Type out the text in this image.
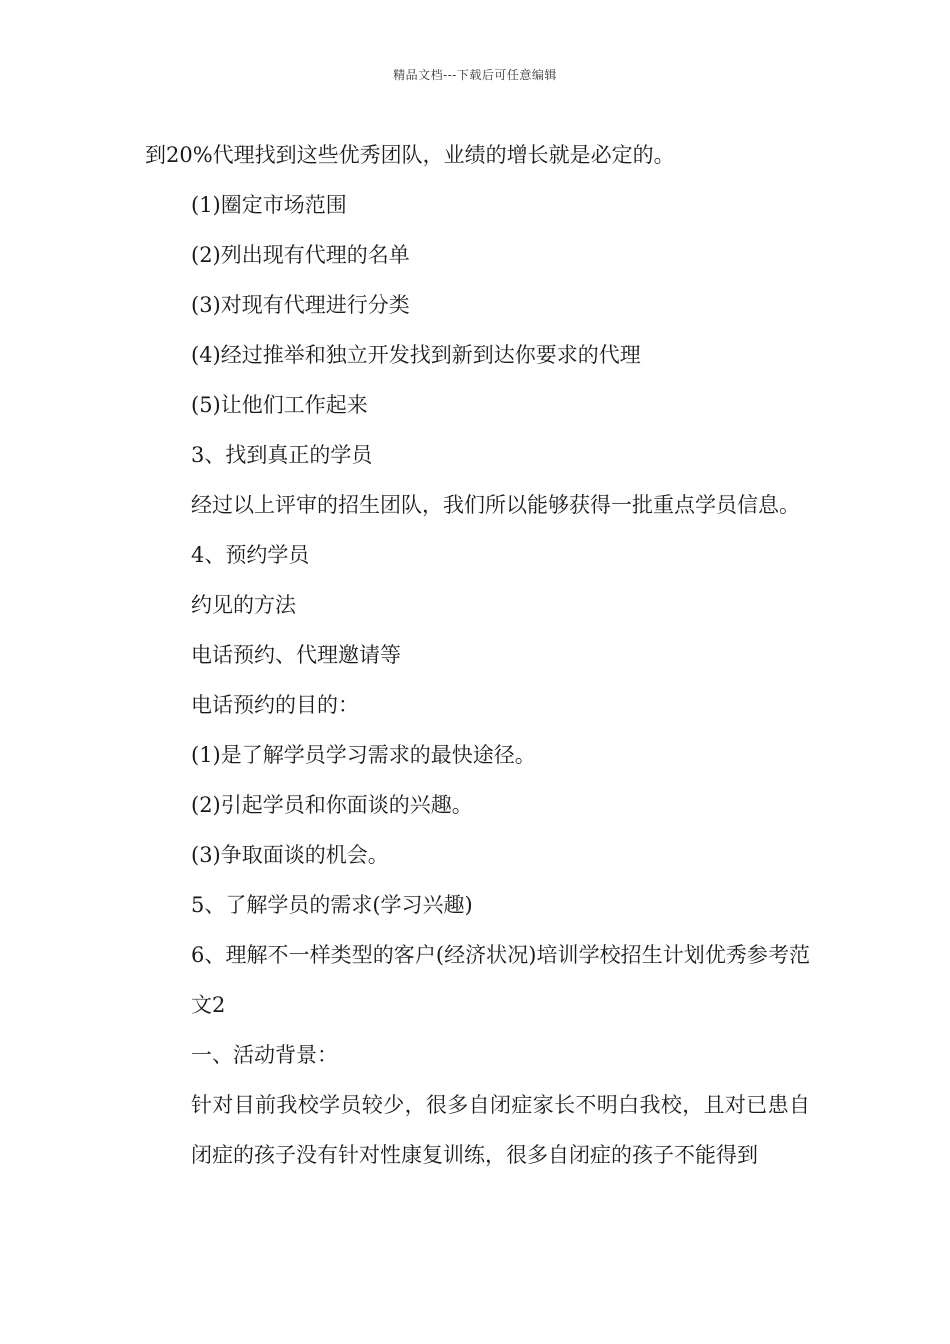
精品文档---下载后可任意编辑

到20%代理找到这些优秀团队，业绩的增长就是必定的。

(1)圈定市场范围

(2)列出现有代理的名单

(3)对现有代理进行分类

(4)经过推举和独立开发找到新到达你要求的代理

(5)让他们工作起来

3、找到真正的学员

经过以上评审的招生团队，我们所以能够获得一批重点学员信息。

4、预约学员

约见的方法

电话预约、代理邀请等

电话预约的目的：

(1)是了解学员学习需求的最快途径。

(2)引起学员和你面谈的兴趣。

(3)争取面谈的机会。

5、了解学员的需求(学习兴趣)

6、理解不一样类型的客户(经济状况)培训学校招生计划优秀参考范文2

一、活动背景：

针对目前我校学员较少，很多自闭症家长不明白我校，且对已患自闭症的孩子没有针对性康复训练，很多自闭症的孩子不能得到
